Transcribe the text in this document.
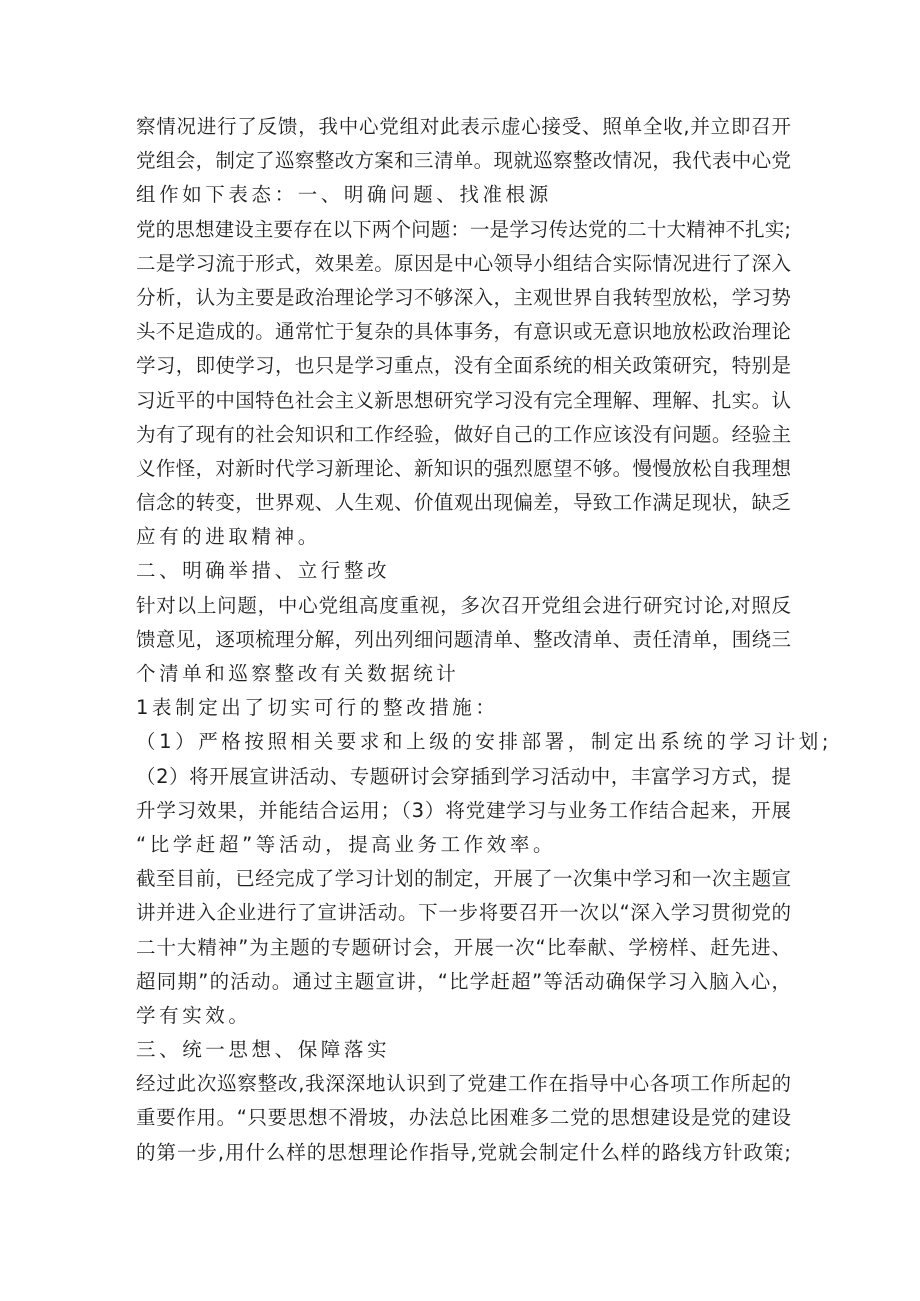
察情况进行了反馈，我中心党组对此表示虚心接受、照单全收,并立即召开
党组会，制定了巡察整改方案和三清单。现就巡察整改情况，我代表中心党
组作如下表态：一、明确问题、找准根源
党的思想建设主要存在以下两个问题：一是学习传达党的二十大精神不扎实;
二是学习流于形式，效果差。原因是中心领导小组结合实际情况进行了深入
分析，认为主要是政治理论学习不够深入，主观世界自我转型放松，学习势
头不足造成的。通常忙于复杂的具体事务，有意识或无意识地放松政治理论
学习，即使学习，也只是学习重点，没有全面系统的相关政策研究，特别是
习近平的中国特色社会主义新思想研究学习没有完全理解、理解、扎实。认
为有了现有的社会知识和工作经验，做好自己的工作应该没有问题。经验主
义作怪，对新时代学习新理论、新知识的强烈愿望不够。慢慢放松自我理想
信念的转变，世界观、人生观、价值观出现偏差，导致工作满足现状，缺乏
应有的进取精神。
二、明确举措、立行整改
针对以上问题，中心党组高度重视，多次召开党组会进行研究讨论,对照反
馈意见，逐项梳理分解，列出列细问题清单、整改清单、责任清单，围绕三
个清单和巡察整改有关数据统计
1表制定出了切实可行的整改措施：
（1）严格按照相关要求和上级的安排部署，制定出系统的学习计划;
（2）将开展宣讲活动、专题研讨会穿插到学习活动中，丰富学习方式，提
升学习效果，并能结合运用；（3）将党建学习与业务工作结合起来，开展
“比学赶超”等活动，提高业务工作效率。
截至目前，已经完成了学习计划的制定，开展了一次集中学习和一次主题宣
讲并进入企业进行了宣讲活动。下一步将要召开一次以“深入学习贯彻党的
二十大精神”为主题的专题研讨会，开展一次“比奉献、学榜样、赶先进、
超同期”的活动。通过主题宣讲，“比学赶超”等活动确保学习入脑入心，
学有实效。
三、统一思想、保障落实
经过此次巡察整改,我深深地认识到了党建工作在指导中心各项工作所起的
重要作用。“只要思想不滑坡，办法总比困难多二党的思想建设是党的建设
的第一步,用什么样的思想理论作指导,党就会制定什么样的路线方针政策;
